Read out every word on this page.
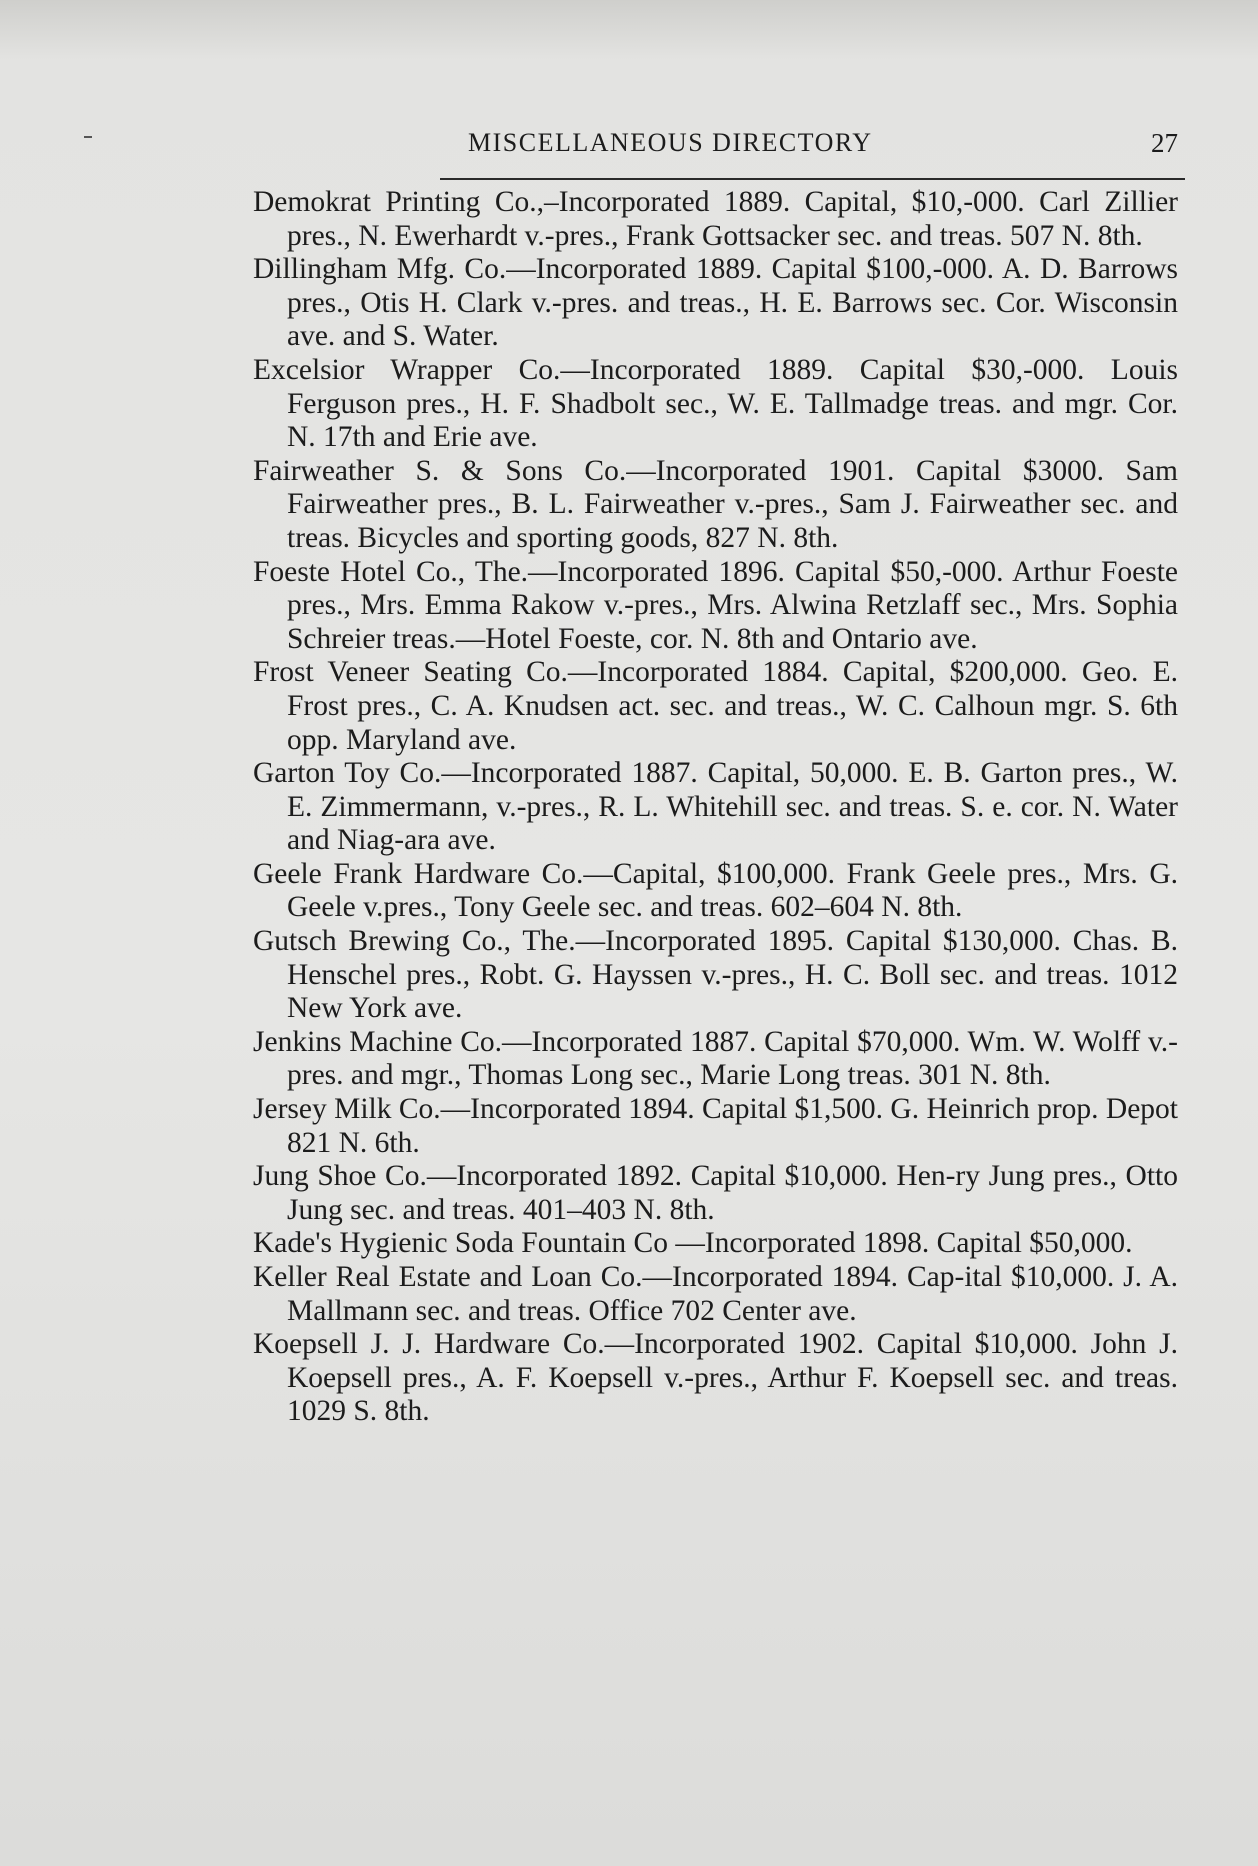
MISCELLANEOUS DIRECTORY	27

Demokrat Printing Co.,–Incorporated 1889. Capital, $10,-000. Carl Zillier pres., N. Ewerhardt v.-pres., Frank Gottsacker sec. and treas. 507 N. 8th.

Dillingham Mfg. Co.—Incorporated 1889. Capital $100,-000. A. D. Barrows pres., Otis H. Clark v.-pres. and treas., H. E. Barrows sec. Cor. Wisconsin ave. and S. Water.

Excelsior Wrapper Co.—Incorporated 1889. Capital $30,-000. Louis Ferguson pres., H. F. Shadbolt sec., W. E. Tallmadge treas. and mgr. Cor. N. 17th and Erie ave.

Fairweather S. & Sons Co.—Incorporated 1901. Capital $3000. Sam Fairweather pres., B. L. Fairweather v.-pres., Sam J. Fairweather sec. and treas. Bicycles and sporting goods, 827 N. 8th.

Foeste Hotel Co., The.—Incorporated 1896. Capital $50,-000. Arthur Foeste pres., Mrs. Emma Rakow v.-pres., Mrs. Alwina Retzlaff sec., Mrs. Sophia Schreier treas.—Hotel Foeste, cor. N. 8th and Ontario ave.

Frost Veneer Seating Co.—Incorporated 1884. Capital, $200,000. Geo. E. Frost pres., C. A. Knudsen act. sec. and treas., W. C. Calhoun mgr. S. 6th opp. Maryland ave.

Garton Toy Co.—Incorporated 1887. Capital, 50,000. E. B. Garton pres., W. E. Zimmermann, v.-pres., R. L. Whitehill sec. and treas. S. e. cor. N. Water and Niag-ara ave.

Geele Frank Hardware Co.—Capital, $100,000. Frank Geele pres., Mrs. G. Geele v.pres., Tony Geele sec. and treas. 602–604 N. 8th.

Gutsch Brewing Co., The.—Incorporated 1895. Capital $130,000. Chas. B. Henschel pres., Robt. G. Hayssen v.-pres., H. C. Boll sec. and treas. 1012 New York ave.

Jenkins Machine Co.—Incorporated 1887. Capital $70,000. Wm. W. Wolff v.-pres. and mgr., Thomas Long sec., Marie Long treas. 301 N. 8th.

Jersey Milk Co.—Incorporated 1894. Capital $1,500. G. Heinrich prop. Depot 821 N. 6th.

Jung Shoe Co.—Incorporated 1892. Capital $10,000. Hen-ry Jung pres., Otto Jung sec. and treas. 401–403 N. 8th.

Kade's Hygienic Soda Fountain Co —Incorporated 1898. Capital $50,000.

Keller Real Estate and Loan Co.—Incorporated 1894. Cap-ital $10,000. J. A. Mallmann sec. and treas. Office 702 Center ave.

Koepsell J. J. Hardware Co.—Incorporated 1902. Capital $10,000. John J. Koepsell pres., A. F. Koepsell v.-pres., Arthur F. Koepsell sec. and treas. 1029 S. 8th.
